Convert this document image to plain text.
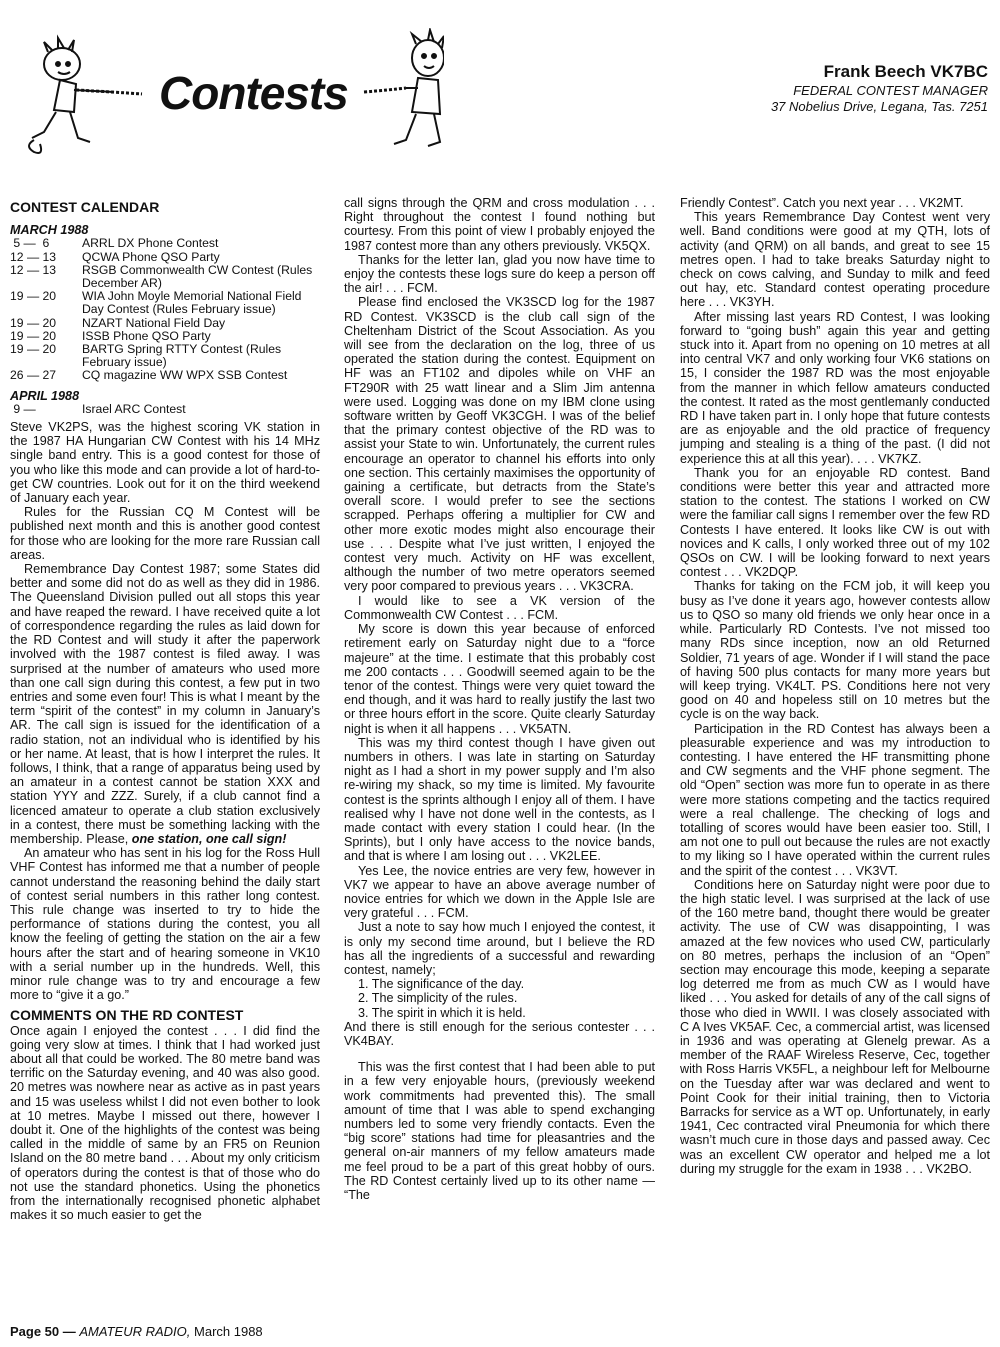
Contests	Frank Beech VK7BC
FEDERAL CONTEST MANAGER
37 Nobelius Drive, Legana, Tas. 7251
CONTEST CALENDAR
MARCH 1988
5 —  6	ARRL DX Phone Contest
12 — 13	QCWA Phone QSO Party
12 — 13	RSGB Commonwealth CW Contest (Rules December AR)
19 — 20	WIA John Moyle Memorial National Field Day Contest (Rules February issue)
19 — 20	NZART National Field Day
19 — 20	ISSB Phone QSO Party
19 — 20	BARTG Spring RTTY Contest (Rules February issue)
26 — 27	CQ magazine WW WPX SSB Contest
APRIL 1988
9 —	Israel ARC Contest

Steve VK2PS, was the highest scoring VK station in the 1987 HA Hungarian CW Contest with his 14 MHz single band entry. This is a good contest for those of you who like this mode and can provide a lot of hard-to-get CW countries. Look out for it on the third weekend of January each year.

Rules for the Russian CQ M Contest will be published next month and this is another good contest for those who are looking for the more rare Russian call areas.

Remembrance Day Contest 1987; some States did better and some did not do as well as they did in 1986. The Queensland Division pulled out all stops this year and have reaped the reward. I have received quite a lot of correspondence regarding the rules as laid down for the RD Contest and will study it after the paperwork involved with the 1987 contest is filed away. I was surprised at the number of amateurs who used more than one call sign during this contest, a few put in two entries and some even four! This is what I meant by the term “spirit of the contest” in my column in January’s AR. The call sign is issued for the identification of a radio station, not an individual who is identified by his or her name. At least, that is how I interpret the rules. It follows, I think, that a range of apparatus being used by an amateur in a contest cannot be station XXX and station YYY and ZZZ. Surely, if a club cannot find a licenced amateur to operate a club station exclusively in a contest, there must be something lacking with the membership. Please, one station, one call sign!

An amateur who has sent in his log for the Ross Hull VHF Contest has informed me that a number of people cannot understand the reasoning behind the daily start of contest serial numbers in this rather long contest. This rule change was inserted to try to hide the performance of stations during the contest, you all know the feeling of getting the station on the air a few hours after the start and of hearing someone in VK10 with a serial number up in the hundreds. Well, this minor rule change was to try and encourage a few more to “give it a go.”

COMMENTS ON THE RD CONTEST

Once again I enjoyed the contest . . . I did find the going very slow at times. I think that I had worked just about all that could be worked. The 80 metre band was terrific on the Saturday evening, and 40 was also good. 20 metres was nowhere near as active as in past years and 15 was useless whilst I did not even bother to look at 10 metres. Maybe I missed out there, however I doubt it. One of the highlights of the contest was being called in the middle of same by an FR5 on Reunion Island on the 80 metre band . . . About my only criticism of operators during the contest is that of those who do not use the standard phonetics. Using the phonetics from the internationally recognised phonetic alphabet makes it so much easier to get the

call signs through the QRM and cross modulation . . . Right throughout the contest I found nothing but courtesy. From this point of view I probably enjoyed the 1987 contest more than any others previously. VK5QX.

Thanks for the letter Ian, glad you now have time to enjoy the contests these logs sure do keep a person off the air! . . . FCM.

Please find enclosed the VK3SCD log for the 1987 RD Contest. VK3SCD is the club call sign of the Cheltenham District of the Scout Association. As you will see from the declaration on the log, three of us operated the station during the contest. Equipment on HF was an FT102 and dipoles while on VHF an FT290R with 25 watt linear and a Slim Jim antenna were used. Logging was done on my IBM clone using software written by Geoff VK3CGH. I was of the belief that the primary contest objective of the RD was to assist your State to win. Unfortunately, the current rules encourage an operator to channel his efforts into only one section. This certainly maximises the opportunity of gaining a certificate, but detracts from the State’s overall score. I would prefer to see the sections scrapped. Perhaps offering a multiplier for CW and other more exotic modes might also encourage their use . . . Despite what I’ve just written, I enjoyed the contest very much. Activity on HF was excellent, although the number of two metre operators seemed very poor compared to previous years . . . VK3CRA.

I would like to see a VK version of the Commonwealth CW Contest . . . FCM.

My score is down this year because of enforced retirement early on Saturday night due to a “force majeure” at the time. I estimate that this probably cost me 200 contacts . . . Goodwill seemed again to be the tenor of the contest. Things were very quiet toward the end though, and it was hard to really justify the last two or three hours effort in the score. Quite clearly Saturday night is when it all happens . . . VK5ATN.

This was my third contest though I have given out numbers in others. I was late in starting on Saturday night as I had a short in my power supply and I’m also re-wiring my shack, so my time is limited. My favourite contest is the sprints although I enjoy all of them. I have realised why I have not done well in the contests, as I made contact with every station I could hear. (In the Sprints), but I only have access to the novice bands, and that is where I am losing out . . . VK2LEE.

Yes Lee, the novice entries are very few, however in VK7 we appear to have an above average number of novice entries for which we down in the Apple Isle are very grateful . . . FCM.

Just a note to say how much I enjoyed the contest, it is only my second time around, but I believe the RD has all the ingredients of a successful and rewarding contest, namely;

1. The significance of the day.

2. The simplicity of the rules.

3. The spirit in which it is held.

And there is still enough for the serious contester . . . VK4BAY.

This was the first contest that I had been able to put in a few very enjoyable hours, (previously weekend work commitments had prevented this). The small amount of time that I was able to spend exchanging numbers led to some very friendly contacts. Even the “big score” stations had time for pleasantries and the general on-air manners of my fellow amateurs made me feel proud to be a part of this great hobby of ours. The RD Contest certainly lived up to its other name — “The

Friendly Contest”. Catch you next year . . . VK2MT.

This years Remembrance Day Contest went very well. Band conditions were good at my QTH, lots of activity (and QRM) on all bands, and great to see 15 metres open. I had to take breaks Saturday night to check on cows calving, and Sunday to milk and feed out hay, etc. Standard contest operating procedure here . . . VK3YH.

After missing last years RD Contest, I was looking forward to “going bush” again this year and getting stuck into it. Apart from no opening on 10 metres at all into central VK7 and only working four VK6 stations on 15, I consider the 1987 RD was the most enjoyable from the manner in which fellow amateurs conducted the contest. It rated as the most gentlemanly conducted RD I have taken part in. I only hope that future contests are as enjoyable and the old practice of frequency jumping and stealing is a thing of the past. (I did not experience this at all this year). . . . VK7KZ.

Thank you for an enjoyable RD contest. Band conditions were better this year and attracted more station to the contest. The stations I worked on CW were the familiar call signs I remember over the few RD Contests I have entered. It looks like CW is out with novices and K calls, I only worked three out of my 102 QSOs on CW. I will be looking forward to next years contest . . . VK2DQP.

Thanks for taking on the FCM job, it will keep you busy as I’ve done it years ago, however contests allow us to QSO so many old friends we only hear once in a while. Particularly RD Contests. I’ve not missed too many RDs since inception, now an old Returned Soldier, 71 years of age. Wonder if I will stand the pace of having 500 plus contacts for many more years but will keep trying. VK4LT. PS. Conditions here not very good on 40 and hopeless still on 10 metres but the cycle is on the way back.

Participation in the RD Contest has always been a pleasurable experience and was my introduction to contesting. I have entered the HF transmitting phone and CW segments and the VHF phone segment. The old “Open” section was more fun to operate in as there were more stations competing and the tactics required were a real challenge. The checking of logs and totalling of scores would have been easier too. Still, I am not one to pull out because the rules are not exactly to my liking so I have operated within the current rules and the spirit of the contest . . . VK3VT.

Conditions here on Saturday night were poor due to the high static level. I was surprised at the lack of use of the 160 metre band, thought there would be greater activity. The use of CW was disappointing, I was amazed at the few novices who used CW, particularly on 80 metres, perhaps the inclusion of an “Open” section may encourage this mode, keeping a separate log deterred me from as much CW as I would have liked . . . You asked for details of any of the call signs of those who died in WWII. I was closely associated with C A Ives VK5AF. Cec, a commercial artist, was licensed in 1936 and was operating at Glenelg prewar. As a member of the RAAF Wireless Reserve, Cec, together with Ross Harris VK5FL, a neighbour left for Melbourne on the Tuesday after war was declared and went to Point Cook for their initial training, then to Victoria Barracks for service as a WT op. Unfortunately, in early 1941, Cec contracted viral Pneumonia for which there wasn’t much cure in those days and passed away. Cec was an excellent CW operator and helped me a lot during my struggle for the exam in 1938 . . . VK2BO.

Page 50 — AMATEUR RADIO, March 1988
